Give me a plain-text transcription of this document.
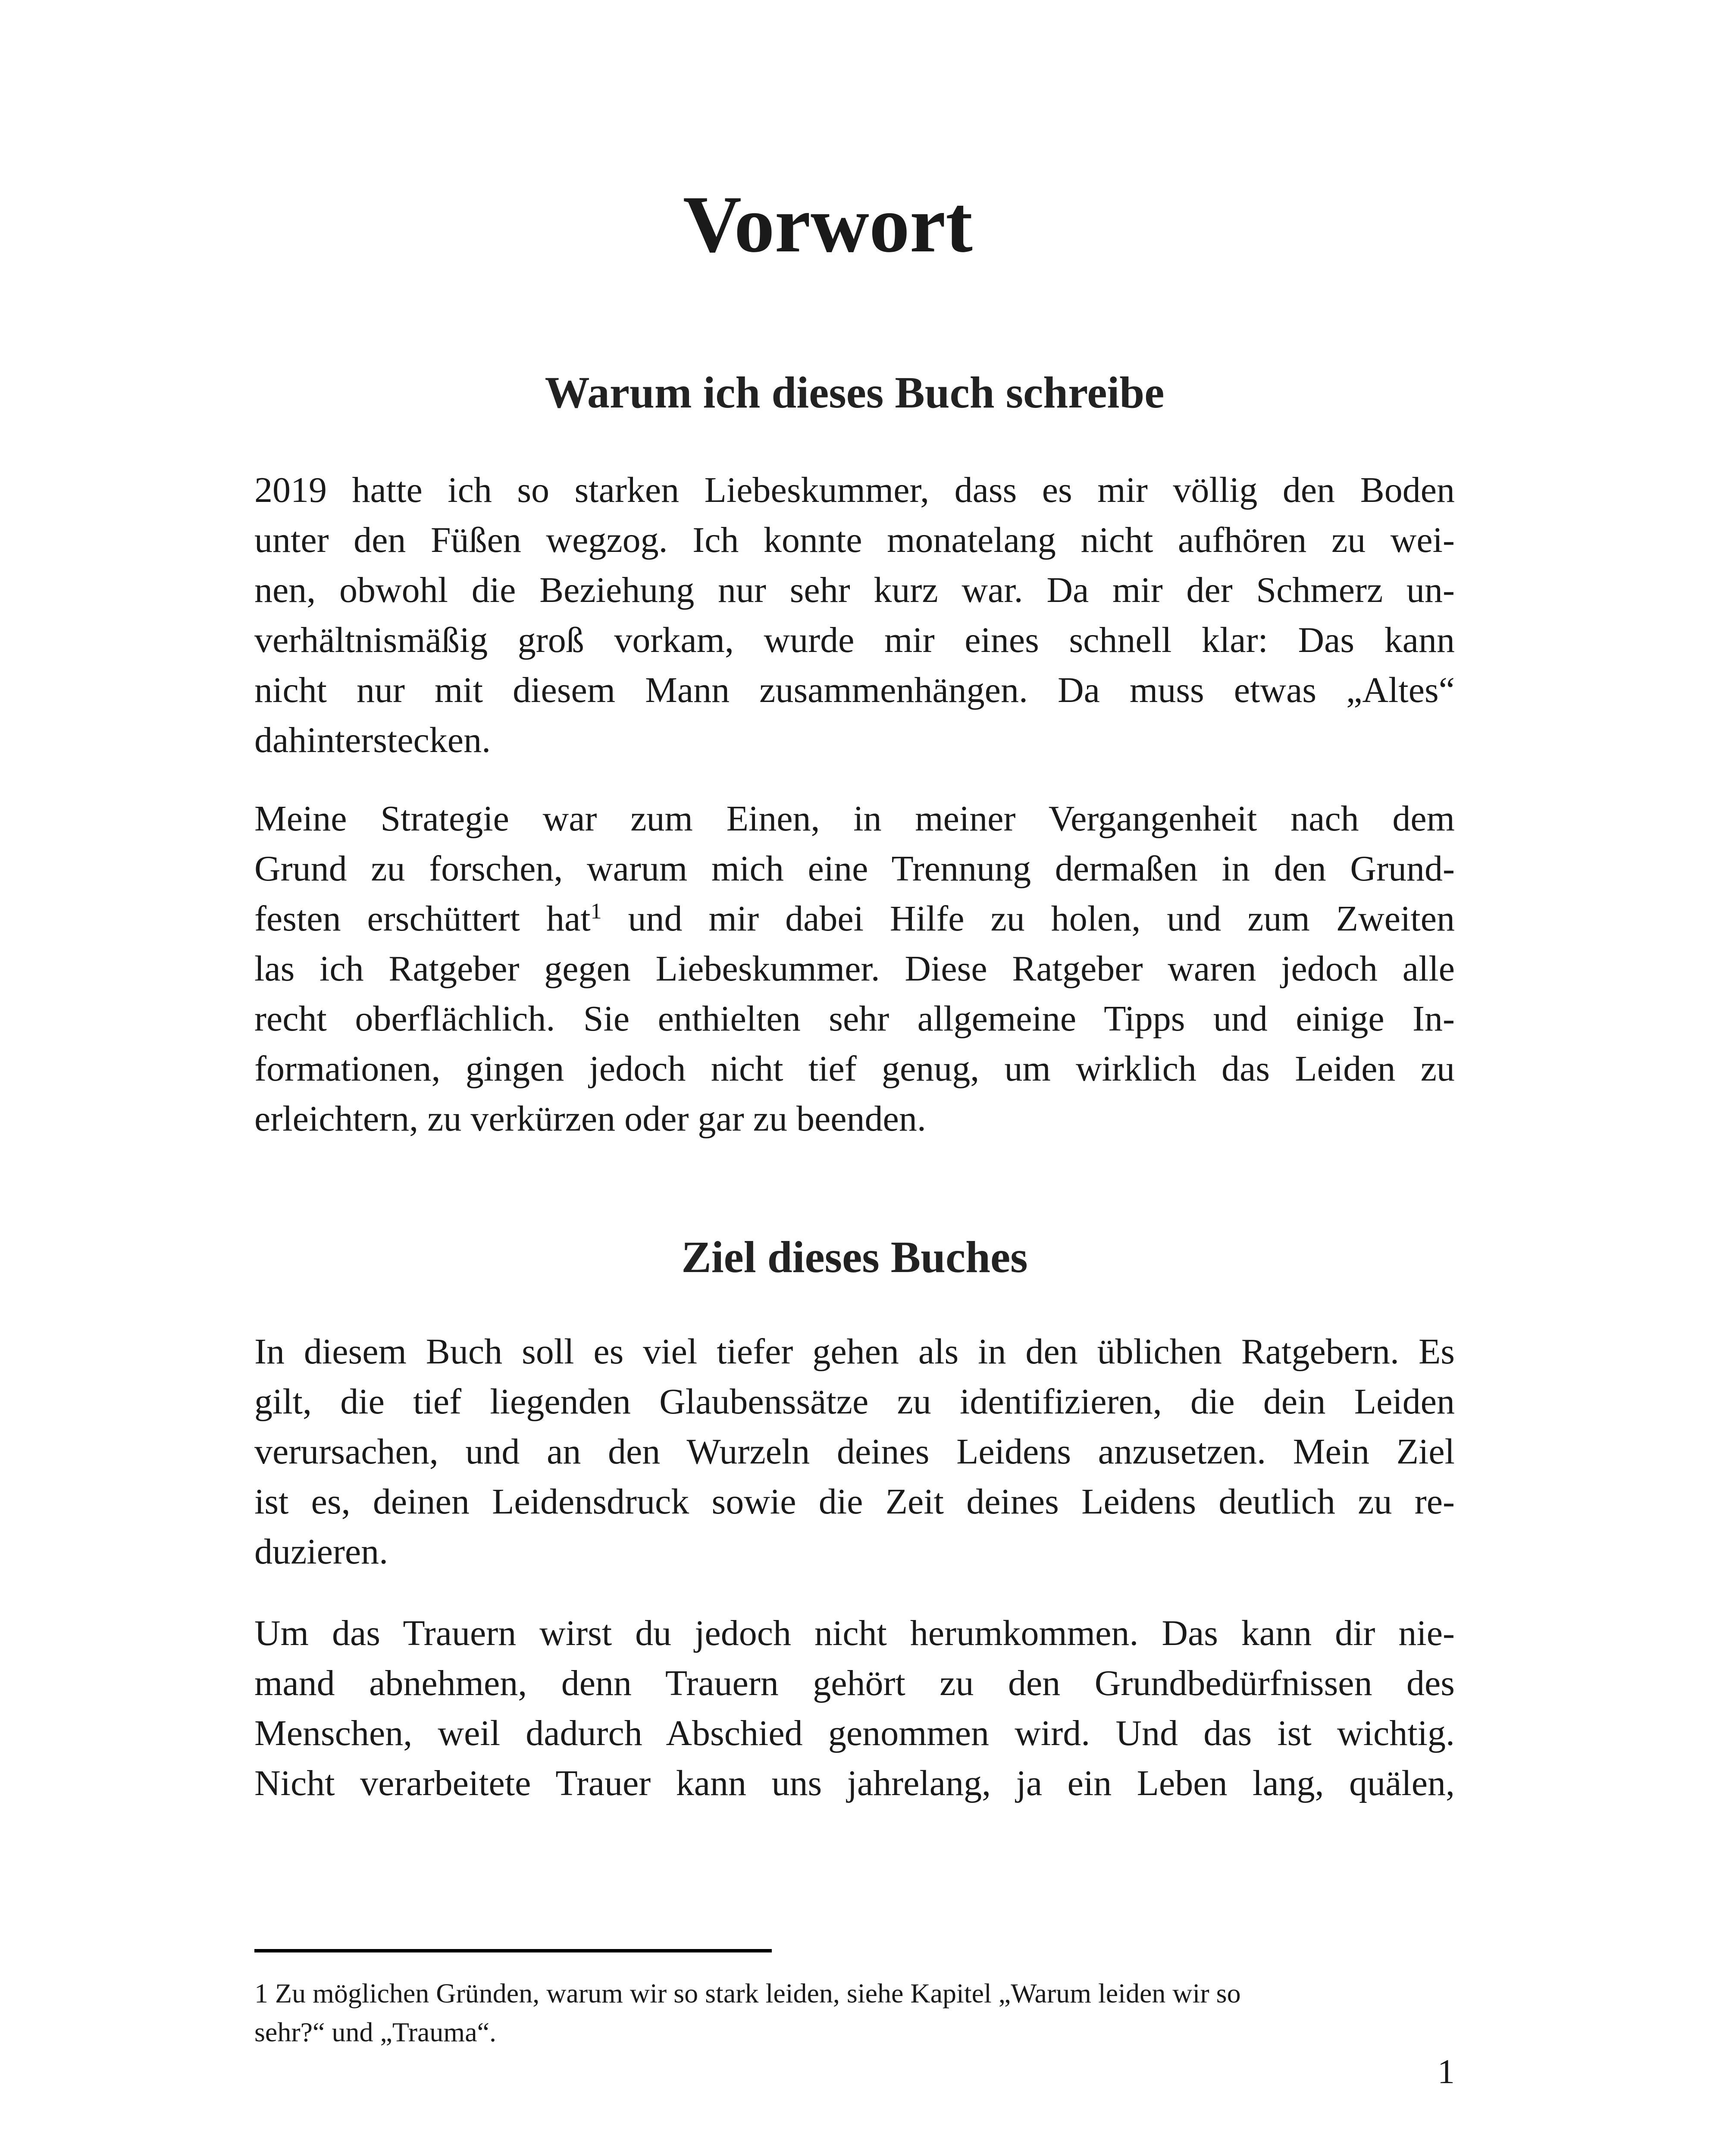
Vorwort
Warum ich dieses Buch schreibe
2019 hatte ich so starken Liebeskummer, dass es mir völlig den Boden
unter den Füßen wegzog. Ich konnte monatelang nicht aufhören zu wei-
nen, obwohl die Beziehung nur sehr kurz war. Da mir der Schmerz un-
verhältnismäßig groß vorkam, wurde mir eines schnell klar: Das kann
nicht nur mit diesem Mann zusammenhängen. Da muss etwas „Altes“
dahinterstecken.
Meine Strategie war zum Einen, in meiner Vergangenheit nach dem
Grund zu forschen, warum mich eine Trennung dermaßen in den Grund-
festen erschüttert hat$^1$ und mir dabei Hilfe zu holen, und zum Zweiten
las ich Ratgeber gegen Liebeskummer. Diese Ratgeber waren jedoch alle
recht oberflächlich. Sie enthielten sehr allgemeine Tipps und einige In-
formationen, gingen jedoch nicht tief genug, um wirklich das Leiden zu
erleichtern, zu verkürzen oder gar zu beenden.
Ziel dieses Buches
In diesem Buch soll es viel tiefer gehen als in den üblichen Ratgebern. Es
gilt, die tief liegenden Glaubenssätze zu identifizieren, die dein Leiden
verursachen, und an den Wurzeln deines Leidens anzusetzen. Mein Ziel
ist es, deinen Leidensdruck sowie die Zeit deines Leidens deutlich zu re-
duzieren.
Um das Trauern wirst du jedoch nicht herumkommen. Das kann dir nie-
mand abnehmen, denn Trauern gehört zu den Grundbedürfnissen des
Menschen, weil dadurch Abschied genommen wird. Und das ist wichtig.
Nicht verarbeitete Trauer kann uns jahrelang, ja ein Leben lang, quälen,
1 Zu möglichen Gründen, warum wir so stark leiden, siehe Kapitel „Warum leiden wir so
sehr?“ und „Trauma“.
1
